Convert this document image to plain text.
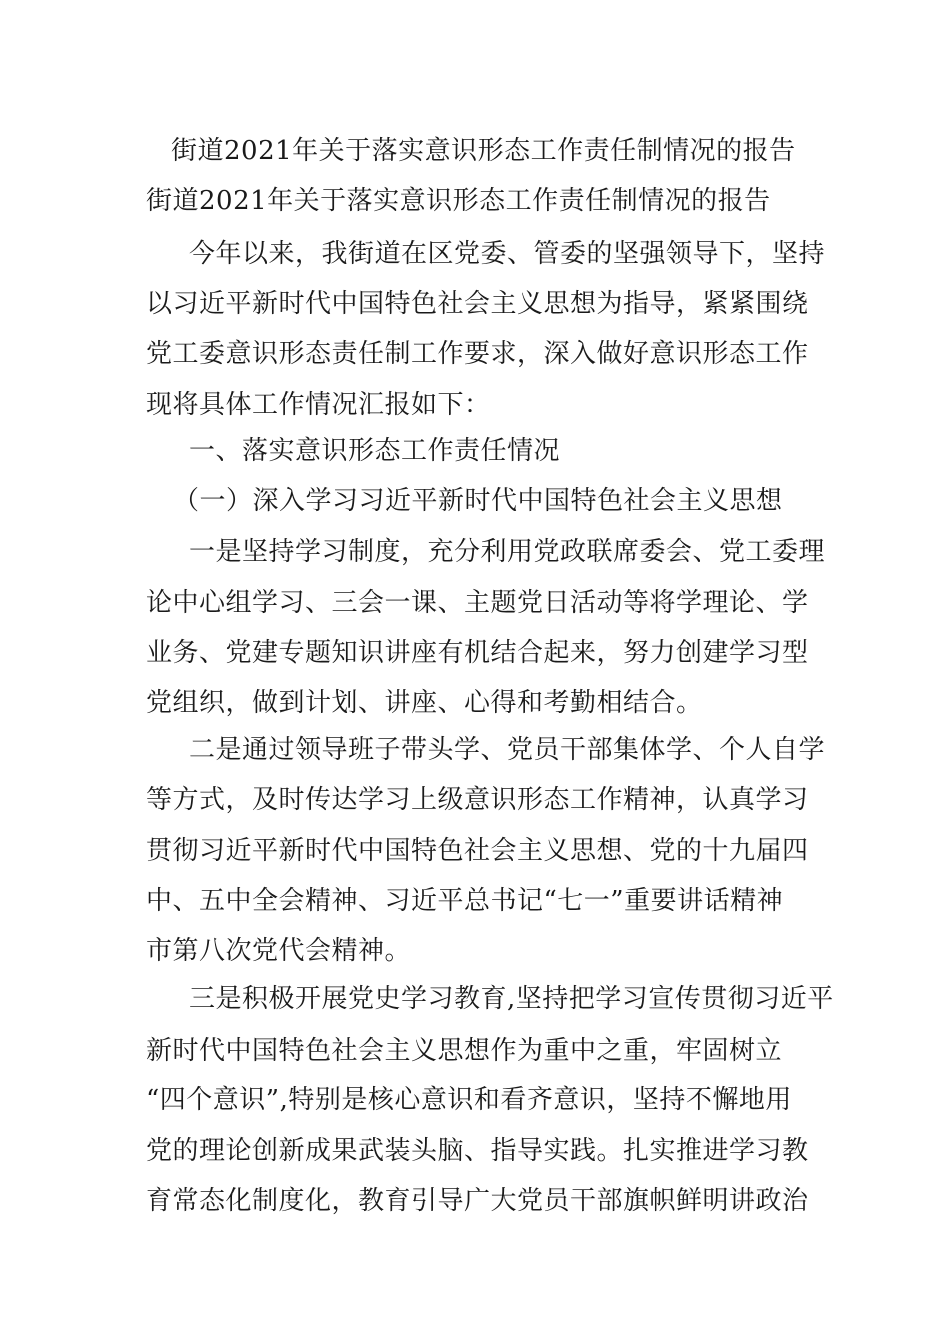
街道2021年关于落实意识形态工作责任制情况的报告
街道2021年关于落实意识形态工作责任制情况的报告
今年以来，我街道在区党委、管委的坚强领导下，坚持
以习近平新时代中国特色社会主义思想为指导，紧紧围绕
党工委意识形态责任制工作要求，深入做好意识形态工作
现将具体工作情况汇报如下：
一、落实意识形态工作责任情况
（一）深入学习习近平新时代中国特色社会主义思想
一是坚持学习制度，充分利用党政联席委会、党工委理
论中心组学习、三会一课、主题党日活动等将学理论、学
业务、党建专题知识讲座有机结合起来，努力创建学习型
党组织，做到计划、讲座、心得和考勤相结合。
二是通过领导班子带头学、党员干部集体学、个人自学
等方式，及时传达学习上级意识形态工作精神，认真学习
贯彻习近平新时代中国特色社会主义思想、党的十九届四
中、五中全会精神、习近平总书记“七一”重要讲话精神
市第八次党代会精神。
三是积极开展党史学习教育,坚持把学习宣传贯彻习近平
新时代中国特色社会主义思想作为重中之重，牢固树立
“四个意识”,特别是核心意识和看齐意识，坚持不懈地用
党的理论创新成果武装头脑、指导实践。扎实推进学习教
育常态化制度化，教育引导广大党员干部旗帜鲜明讲政治
